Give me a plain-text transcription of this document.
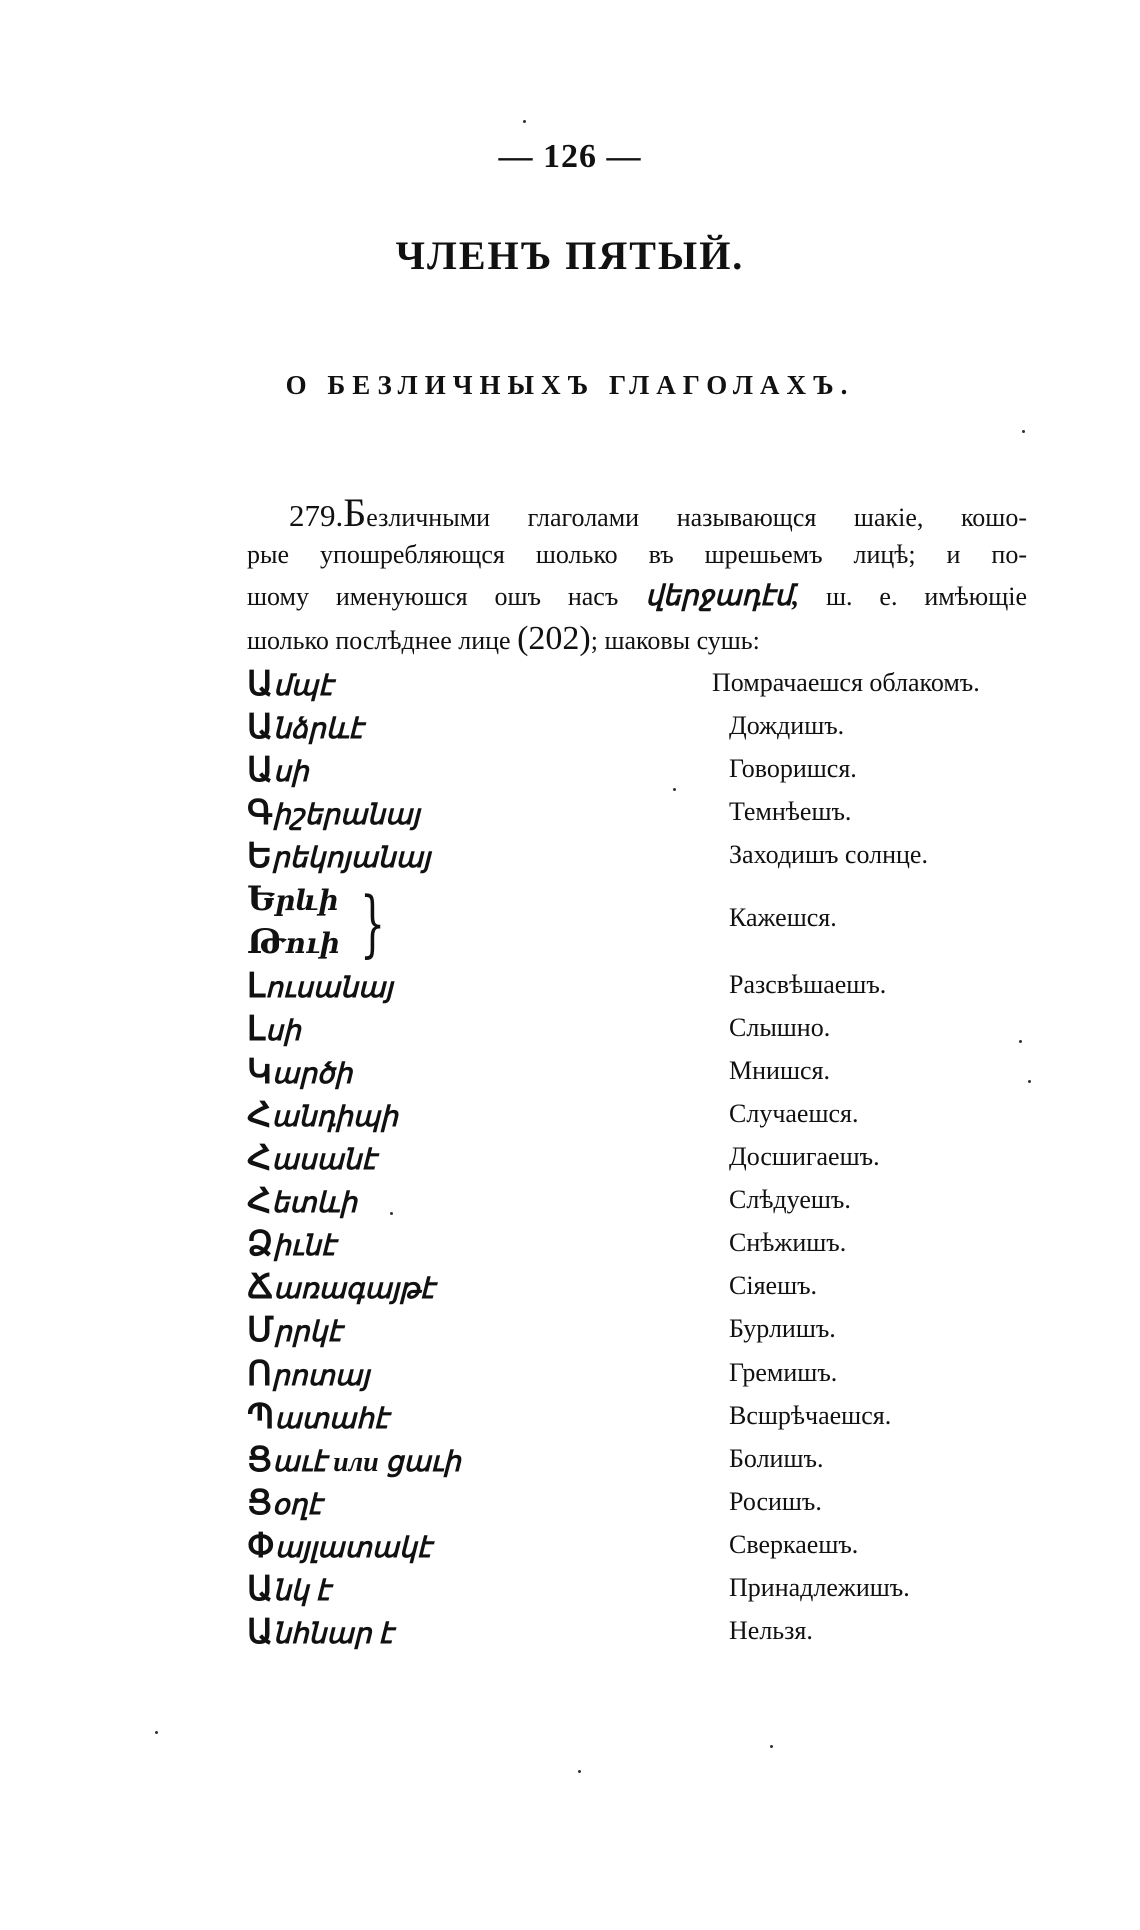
— 126 —
ЧЛЕНЪ ПЯТЫЙ.
О БЕЗЛИЧНЫХЪ ГЛАГОЛАХЪ.
279.Безличными глаголами называющся шакіе, кошо-
рые упошребляющся шолько въ шрешьемъ лицѣ; и по-
шому именуюшся ошъ насъ վերջադէմ, ш. е. имѣющіе
шолько послѣднее лице (202); шаковы сушь:
Ամպէ	Помрачаешся облакомъ.
Անձրևէ	Дождишъ.
Ասի	Говоришся.
Գիշերանայ	Темнѣешъ.
Երեկոյանայ	Заходишъ солнце.
Երևի
Թուի }	Кажешся.
Լուսանայ	Разсвѣшаешъ.
Լսի	Слышно.
Կարծի	Мнишся.
Հանդիպի	Случаешся.
Հասանէ	Досшигаешъ.
Հետևի	Слѣдуешъ.
Ձիւնէ	Снѣжишъ.
Ճառագայթէ	Сіяешъ.
Մրրկէ	Бурлишъ.
Որոտայ	Гремишъ.
Պատահէ	Всшрѣчаешся.
Ցաւէ или ցաւի	Болишъ.
Ցօղէ	Росишъ.
Փայլատակէ	Сверкаешъ.
Անկ է	Принадлежишъ.
Անհնար է	Нельзя.
